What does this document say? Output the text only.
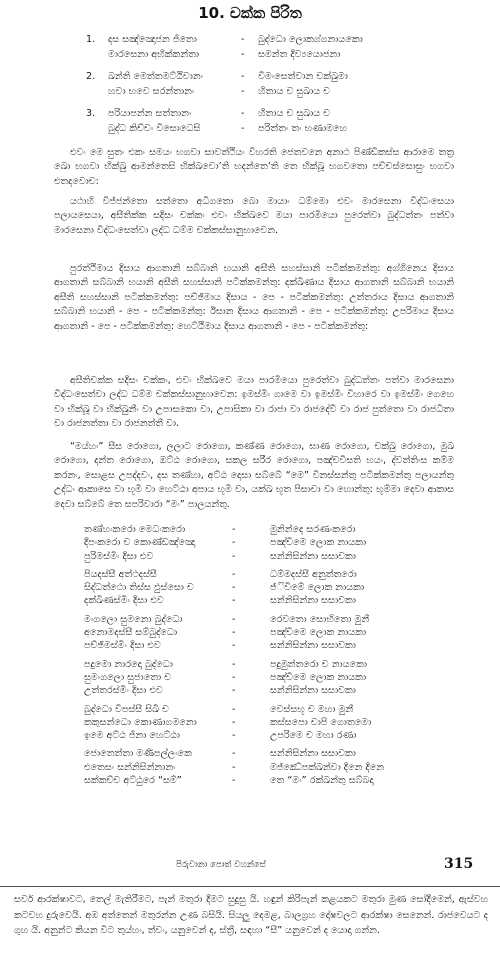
10. චක්ක පිරිත
1. දස සඤ්ඤොජන ජිතො	- බුද්ධො ලොකග්ගනායකො
මාරසෙනා අභික්කන්තා	- සමන්ත දිව්‍යයොජනා
2. ඛන්ති මෙත්තමට්ඨිවානං	- විමංසෙත්වාන චක්ඛුමා
හවා භවෙ සරන්තානං	- හිතාය ච සුඛාය ච
3. පරියාපන්න සත්තානං	- හිතාය ච සුඛාය ච
බුද්ධ කිච්චං විසොධෙසි	- පරිත්තං තං භණාමහෙ

එවං මෙ සුතං එකං සමයං භගවා සාවත්ථියං විහරති ජෙතවනෙ අනාථ පිණ්ඩිකස්ස ආරාමෙ තත්‍ර ඛො භගවා භික්ඛු ආමන්තෙසි භික්ඛවො’ති භදන්තෙ’ති තෙ භික්ඛූ භගවතො පච්චස්සොසුං භගවා එතදවොච:

යථාහි විජ්ජන්තො සත්තො අධිගතො බො මායාං ධම්මො එවං මාරසෙනා විද්ධංසෙයා පලායසෙයා, අසීතික්ක සදිසං චක්කං එවං භික්ඛවෙ මයා පාරමියො පුරෙත්වා බුද්ධත්තං පත්වා මාරසෙනා විද්ධංසෙත්වා ලද්ධ ධම්ම චක්කස්සානුභාවෙන.

පුරත්ථිමාය දිසාය ආගතානි සබ්බානි භයානි අසීති සහස්සානි පටික්කමන්තු: අග්ගිනෙය දිසාය ආගතානි සබ්බානි භයානි අසීති සහස්සානි පටික්කමන්තු: දක්ඛිණාය දිසාය ආගතානි සබ්බානි භයානි අසීති සහස්සානි පටික්කමන්තු: පච්ඡිමාය දිසාය - පෙ - පටික්කමන්තු: උත්තරාය දිසාය ආගතානි සබ්බානි භයානි - පෙ - පටික්කමන්තු: ඊසාන දිසාය ආගතානි - පෙ - පටික්කමන්තු: උපරිමාය දිසාය ආගතානි - පෙ - පටික්කමන්තු: හෙට්ඨිමාය දිසාය ආගතානි - පෙ - පටික්කමන්තු:

අසීතිචක්ක සදිසං චක්කං, එවං භික්ඛවෙ මයා පාරමියො පුරෙත්වා බුද්ධත්තං පත්වා මාරසෙනා විද්ධංසෙත්වා ලද්ධ ධම්ම චක්කස්සානුභාවෙන: ඉමස්මිං ගාමෙ වා ඉමස්මිං විහාරෙ වා ඉමස්මිං ගෙහෙ වා භික්ඛූ වා භික්ඛුනීං වා උපාසකො වා, උපාසිකා වා රාජා වා රාජදේවී වා රාජ පුත්තො වා රාජධීතා වා රාජනත්තා වා රාජනත්තී වා.

“මය්හං” සීස රොගො, ලලාට රොගො, කණ්ණ රොගො, ඝාණ රොගො, චක්ඛු රොගො, මුඛ රොගො, දන්ත රොගො, ඔට්ඨ රොගො, සකල සරීර රොගො, පඤ්චවීසති භයං, ද්වත්තිංස කම්ම කරනං, සොළස උපද්දවං, දස තණ්හා, අට්ඨ දොසා සබ්බේ “මෙ” විනස්සන්තු පටික්කමන්තු පලායන්තු උද්ධං ආකාසෙ වා භූමි වා හෙට්ඨා අපාය භූමි වා, යක්ඛ භූත පිසාචා වා හොන්තු: භූම්මා දෙවා ආකාස දෙවා සබ්බේ තෙ සපරිවාරා “මං” පාලයන්තු.

තණ්හංකරො මෙධංකරො	-	මුනින්දෙ සරණංකරො
දීපංකරො ච කොණ්ඩඤ්ඤො	-	පඤ්චිමෙ ලොක නායකා
පුරිමස්මිං දිසා එව	-	සන්නිසින්නා සසාවකා
පියදස්සී අත්ථදස්සී	-	ධම්මදස්සී අනුත්තරො
සිද්ධත්ථො තිස්ස ඵුස්සො ච	-	ජ්‍ිවිමේ ලොක නායකා
දක්ඛිණස්මිං දිසා එව	-	සන්නිසින්නා සසාවකා
මංගලො සුමනො බුද්ධො	-	රෙවතො සොභිතො මුනී
අනොමදස්සී සම්බුද්ධො	-	පඤ්චිමෙ ලොක නායකා
පච්ඡිමස්මිං දිසා එව	-	සන්නිසින්නා සසාවකා
පදුමො නාරදො බුද්ධො	-	පදුමුත්තරො ච නායකො
සුමංගලො සුජාතො ච	-	පඤ්චිමෙ ලොක නායකා
උත්තරස්මිං දිසා එව	-	සන්නිසින්නා සසාවකා
බුද්ධො විපස්සී සිඛී ච	-	වෙස්සභූ ච මහා මුනී
කකුසන්ධො කොණාගමනො	-	කස්සපො චාපි ගොතමො
ඉමෙ අට්ඨ ජිනා හෙට්ඨා	-	උපරිමෙ ච මහා රණා
ජොතෙත්තා මණිපල්ලංකෙ	-	සන්නිසින්නා සසාවකා
එතෙසං සන්නිසින්නානං	-	මජ්ඣේපක්ඛන්වා දිනෙ දිනෙ
සක්කච්ච අට්ඨුරෙ “සම්”	-	තෙ “මං” රක්ඛන්තු සබ්බදා
පිරුවානා පොත් වහන්සේ	315

සර්ව ආරක්ෂාවට, තෙල් මැතිරීමට, පැන් මතුරා දීමට සුදුසු යි. හඳුන් කිරිපැන් කළයකට මතුරා මුණ සෝදීමෙන්, ඇස්වහ කටවහ දුරුවෙයි. අඹ අත්තෙන් මතුරන්න උණ බසියි. සියලු දෙමළ, බාලග්‍රහ දෝෂවලට ආරක්ෂා සෙනෙන්. රාජවෙයට ද ගුහ යි. අනුන්ට කියන විට තුය්හං, ත්වං, යනුවෙන් ද, ස්ත්‍රී, සඳහා “සී” යනුවෙන් ද යොදා ගන්න.
